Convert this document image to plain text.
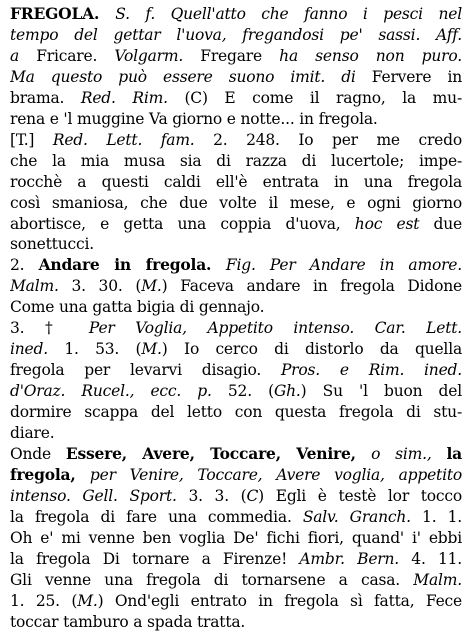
FREGOLA. S. f. Quell'atto che fanno i pesci nel
tempo del gettar l'uova, fregandosi pe' sassi. Aff.
a Fricare. Volgarm. Fregare ha senso non puro.
Ma questo può essere suono imit. di Fervere in
brama. Red. Rim. (C) E come il ragno, la mu-
rena e 'l muggine Va giorno e notte... in fregola.
[T.] Red. Lett. fam. 2. 248. Io per me credo
che la mia musa sia di razza di lucertole; impe-
rocchè a questi caldi ell'è entrata in una fregola
così smaniosa, che due volte il mese, e ogni giorno
abortisce, e getta una coppia d'uova, hoc est due
sonettucci.
2. Andare in fregola. Fig. Per Andare in amore.
Malm. 3. 30. (M.) Faceva andare in fregola Didone
Come una gatta bigia di gennajo.
3. † Per Voglia, Appetito intenso. Car. Lett.
ined. 1. 53. (M.) Io cerco di distorlo da quella
fregola per levarvi disagio. Pros. e Rim. ined.
d'Oraz. Rucel., ecc. p. 52. (Gh.) Su 'l buon del
dormire scappa del letto con questa fregola di stu-
diare.
Onde Essere, Avere, Toccare, Venire, o sim., la
fregola, per Venire, Toccare, Avere voglia, appetito
intenso. Gell. Sport. 3. 3. (C) Egli è testè lor tocco
la fregola di fare una commedia. Salv. Granch. 1. 1.
Oh e' mi venne ben voglia De' fichi fiori, quand' i' ebbi
la fregola Di tornare a Firenze! Ambr. Bern. 4. 11.
Gli venne una fregola di tornarsene a casa. Malm.
1. 25. (M.) Ond'egli entrato in fregola sì fatta, Fece
toccar tamburo a spada tratta.
